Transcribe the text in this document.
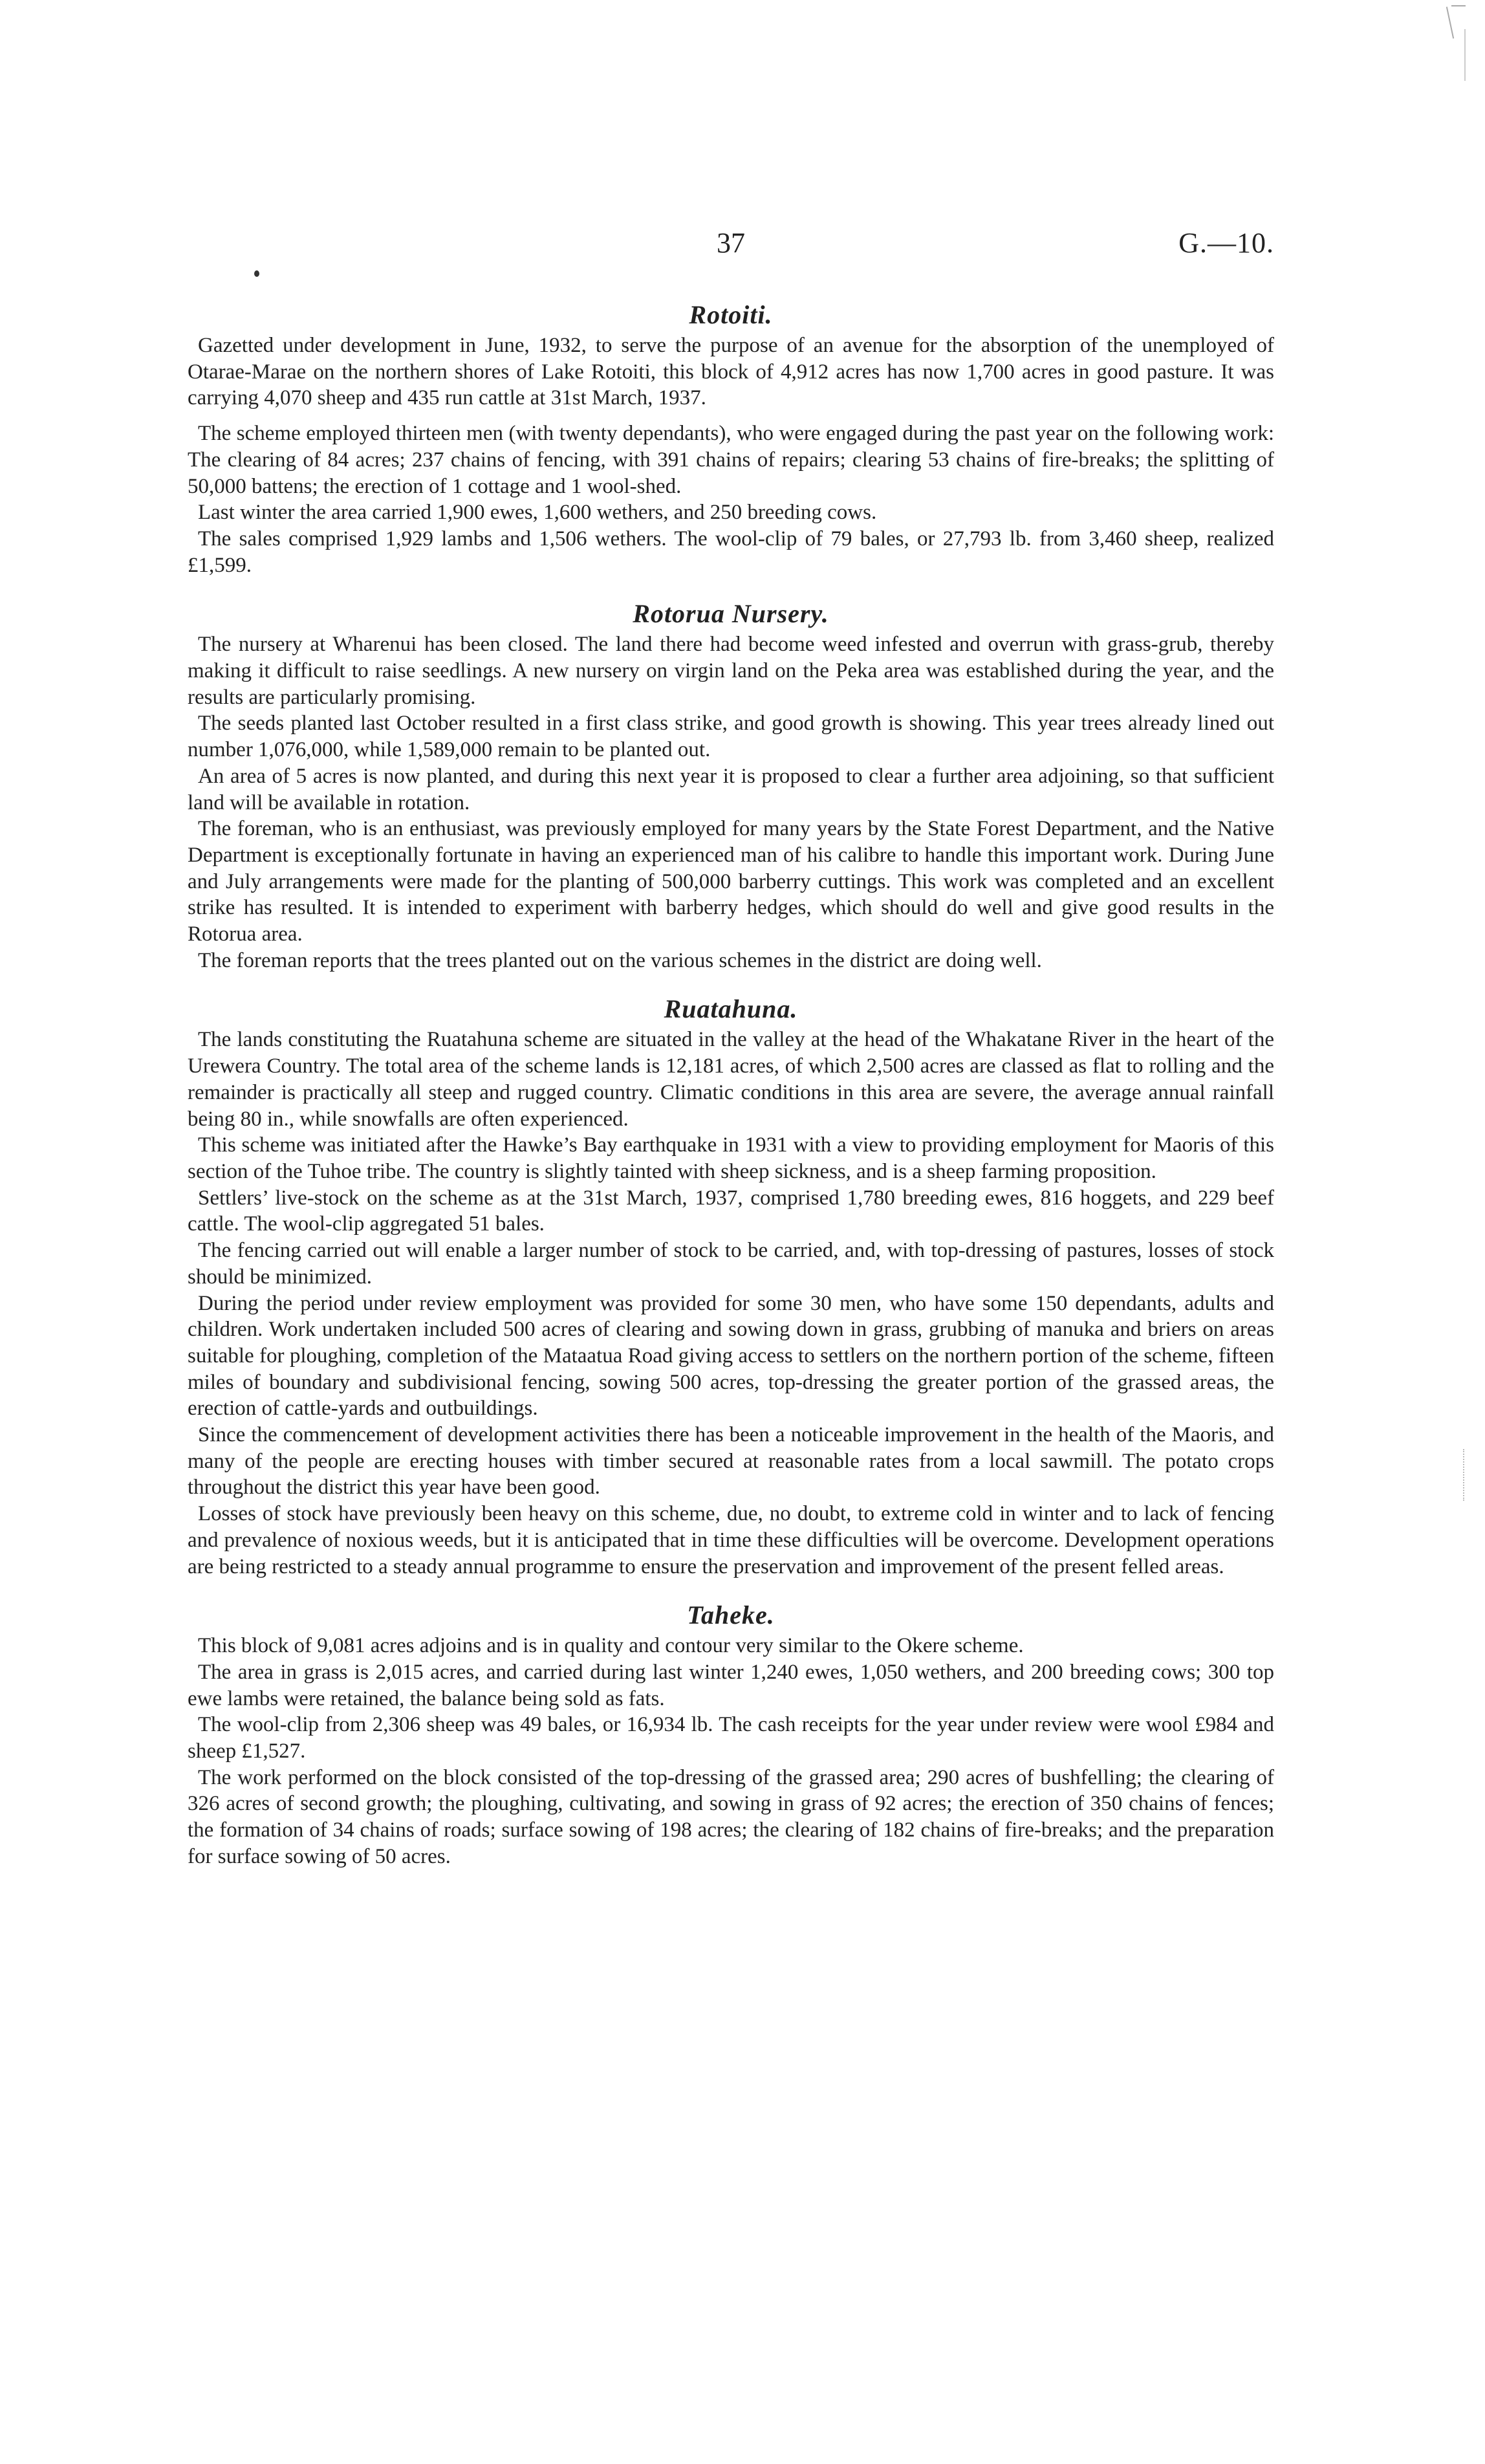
37	G.—10.
Rotoiti.

Gazetted under development in June, 1932, to serve the purpose of an avenue for the absorption of the unemployed of Otarae-Marae on the northern shores of Lake Rotoiti, this block of 4,912 acres has now 1,700 acres in good pasture. It was carrying 4,070 sheep and 435 run cattle at 31st March, 1937.

The scheme employed thirteen men (with twenty dependants), who were engaged during the past year on the following work: The clearing of 84 acres; 237 chains of fencing, with 391 chains of repairs; clearing 53 chains of fire-breaks; the splitting of 50,000 battens; the erection of 1 cottage and 1 wool-shed.

Last winter the area carried 1,900 ewes, 1,600 wethers, and 250 breeding cows.

The sales comprised 1,929 lambs and 1,506 wethers. The wool-clip of 79 bales, or 27,793 lb. from 3,460 sheep, realized £1,599.

Rotorua Nursery.

The nursery at Wharenui has been closed. The land there had become weed infested and overrun with grass-grub, thereby making it difficult to raise seedlings. A new nursery on virgin land on the Peka area was established during the year, and the results are particularly promising.

The seeds planted last October resulted in a first class strike, and good growth is showing. This year trees already lined out number 1,076,000, while 1,589,000 remain to be planted out.

An area of 5 acres is now planted, and during this next year it is proposed to clear a further area adjoining, so that sufficient land will be available in rotation.

The foreman, who is an enthusiast, was previously employed for many years by the State Forest Department, and the Native Department is exceptionally fortunate in having an experienced man of his calibre to handle this important work. During June and July arrangements were made for the planting of 500,000 barberry cuttings. This work was completed and an excellent strike has resulted. It is intended to experiment with barberry hedges, which should do well and give good results in the Rotorua area.

The foreman reports that the trees planted out on the various schemes in the district are doing well.

Ruatahuna.

The lands constituting the Ruatahuna scheme are situated in the valley at the head of the Whakatane River in the heart of the Urewera Country. The total area of the scheme lands is 12,181 acres, of which 2,500 acres are classed as flat to rolling and the remainder is practically all steep and rugged country. Climatic conditions in this area are severe, the average annual rainfall being 80 in., while snowfalls are often experienced.

This scheme was initiated after the Hawke’s Bay earthquake in 1931 with a view to providing employment for Maoris of this section of the Tuhoe tribe. The country is slightly tainted with sheep sickness, and is a sheep farming proposition.

Settlers’ live-stock on the scheme as at the 31st March, 1937, comprised 1,780 breeding ewes, 816 hoggets, and 229 beef cattle. The wool-clip aggregated 51 bales.

The fencing carried out will enable a larger number of stock to be carried, and, with top-dressing of pastures, losses of stock should be minimized.

During the period under review employment was provided for some 30 men, who have some 150 dependants, adults and children. Work undertaken included 500 acres of clearing and sowing down in grass, grubbing of manuka and briers on areas suitable for ploughing, completion of the Mataatua Road giving access to settlers on the northern portion of the scheme, fifteen miles of boundary and subdivisional fencing, sowing 500 acres, top-dressing the greater portion of the grassed areas, the erection of cattle-yards and outbuildings.

Since the commencement of development activities there has been a noticeable improvement in the health of the Maoris, and many of the people are erecting houses with timber secured at reasonable rates from a local sawmill. The potato crops throughout the district this year have been good.

Losses of stock have previously been heavy on this scheme, due, no doubt, to extreme cold in winter and to lack of fencing and prevalence of noxious weeds, but it is anticipated that in time these difficulties will be overcome. Development operations are being restricted to a steady annual programme to ensure the preservation and improvement of the present felled areas.

Taheke.

This block of 9,081 acres adjoins and is in quality and contour very similar to the Okere scheme.

The area in grass is 2,015 acres, and carried during last winter 1,240 ewes, 1,050 wethers, and 200 breeding cows; 300 top ewe lambs were retained, the balance being sold as fats.

The wool-clip from 2,306 sheep was 49 bales, or 16,934 lb. The cash receipts for the year under review were wool £984 and sheep £1,527.

The work performed on the block consisted of the top-dressing of the grassed area; 290 acres of bushfelling; the clearing of 326 acres of second growth; the ploughing, cultivating, and sowing in grass of 92 acres; the erection of 350 chains of fences; the formation of 34 chains of roads; surface sowing of 198 acres; the clearing of 182 chains of fire-breaks; and the preparation for surface sowing of 50 acres.
